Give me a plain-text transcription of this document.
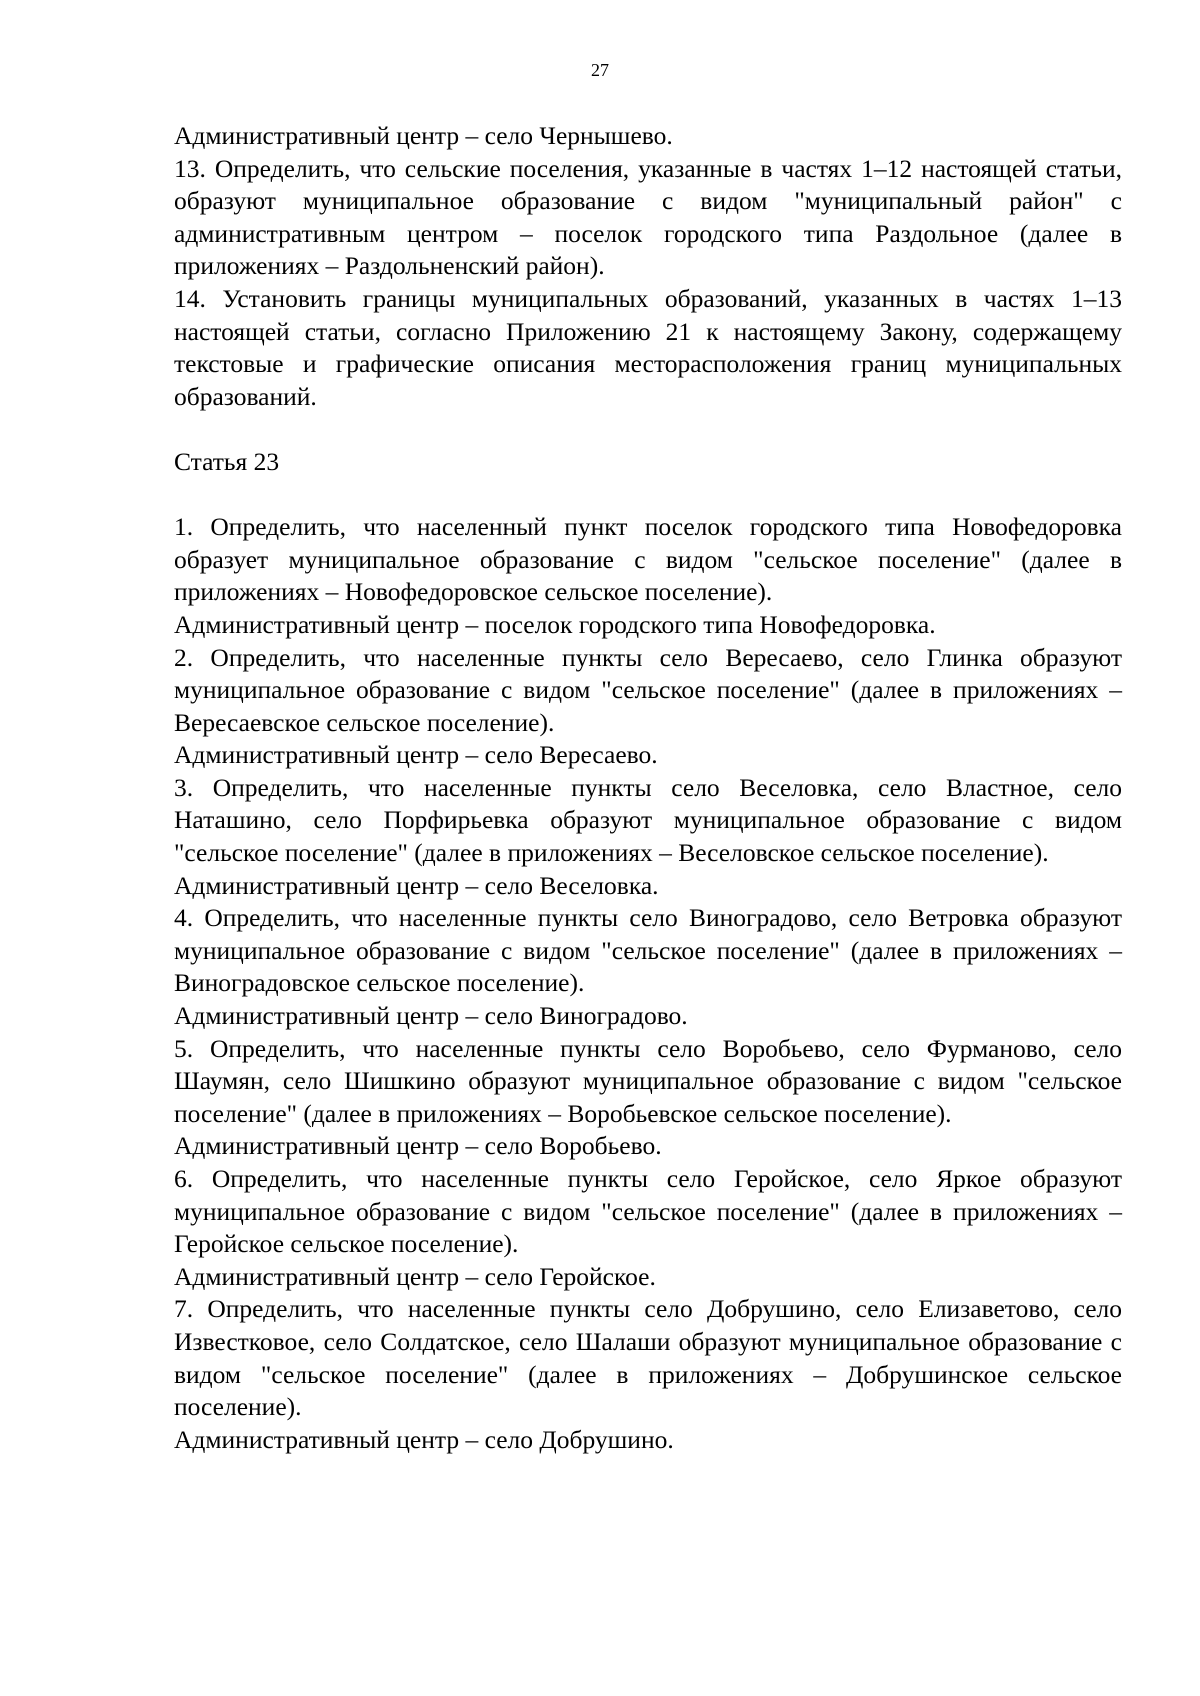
27

Административный центр – село Чернышево.

13. Определить, что сельские поселения, указанные в частях 1–12 настоящей статьи, образуют муниципальное образование с видом "муниципальный район" с административным центром – поселок городского типа Раздольное (далее в приложениях – Раздольненский район).

14. Установить границы муниципальных образований, указанных в частях 1–13 настоящей статьи, согласно Приложению 21 к настоящему Закону, содержащему текстовые и графические описания месторасположения границ муниципальных образований.

Статья 23

1. Определить, что населенный пункт поселок городского типа Новофедоровка образует муниципальное образование с видом "сельское поселение" (далее в приложениях – Новофедоровское сельское поселение).

Административный центр – поселок городского типа Новофедоровка.

2. Определить, что населенные пункты село Вересаево, село Глинка образуют муниципальное образование с видом "сельское поселение" (далее в приложениях – Вересаевское сельское поселение).

Административный центр – село Вересаево.

3. Определить, что населенные пункты село Веселовка, село Властное, село Наташино, село Порфирьевка образуют муниципальное образование с видом "сельское поселение" (далее в приложениях – Веселовское сельское поселение).

Административный центр – село Веселовка.

4. Определить, что населенные пункты село Виноградово, село Ветровка образуют муниципальное образование с видом "сельское поселение" (далее в приложениях – Виноградовское сельское поселение).

Административный центр – село Виноградово.

5. Определить, что населенные пункты село Воробьево, село Фурманово, село Шаумян, село Шишкино образуют муниципальное образование с видом "сельское поселение" (далее в приложениях – Воробьевское сельское поселение).

Административный центр – село Воробьево.

6. Определить, что населенные пункты село Геройское, село Яркое образуют муниципальное образование с видом "сельское поселение" (далее в приложениях – Геройское сельское поселение).

Административный центр – село Геройское.

7. Определить, что населенные пункты село Добрушино, село Елизаветово, село Известковое, село Солдатское, село Шалаши образуют муниципальное образование с видом "сельское поселение" (далее в приложениях – Добрушинское сельское поселение).

Административный центр – село Добрушино.
